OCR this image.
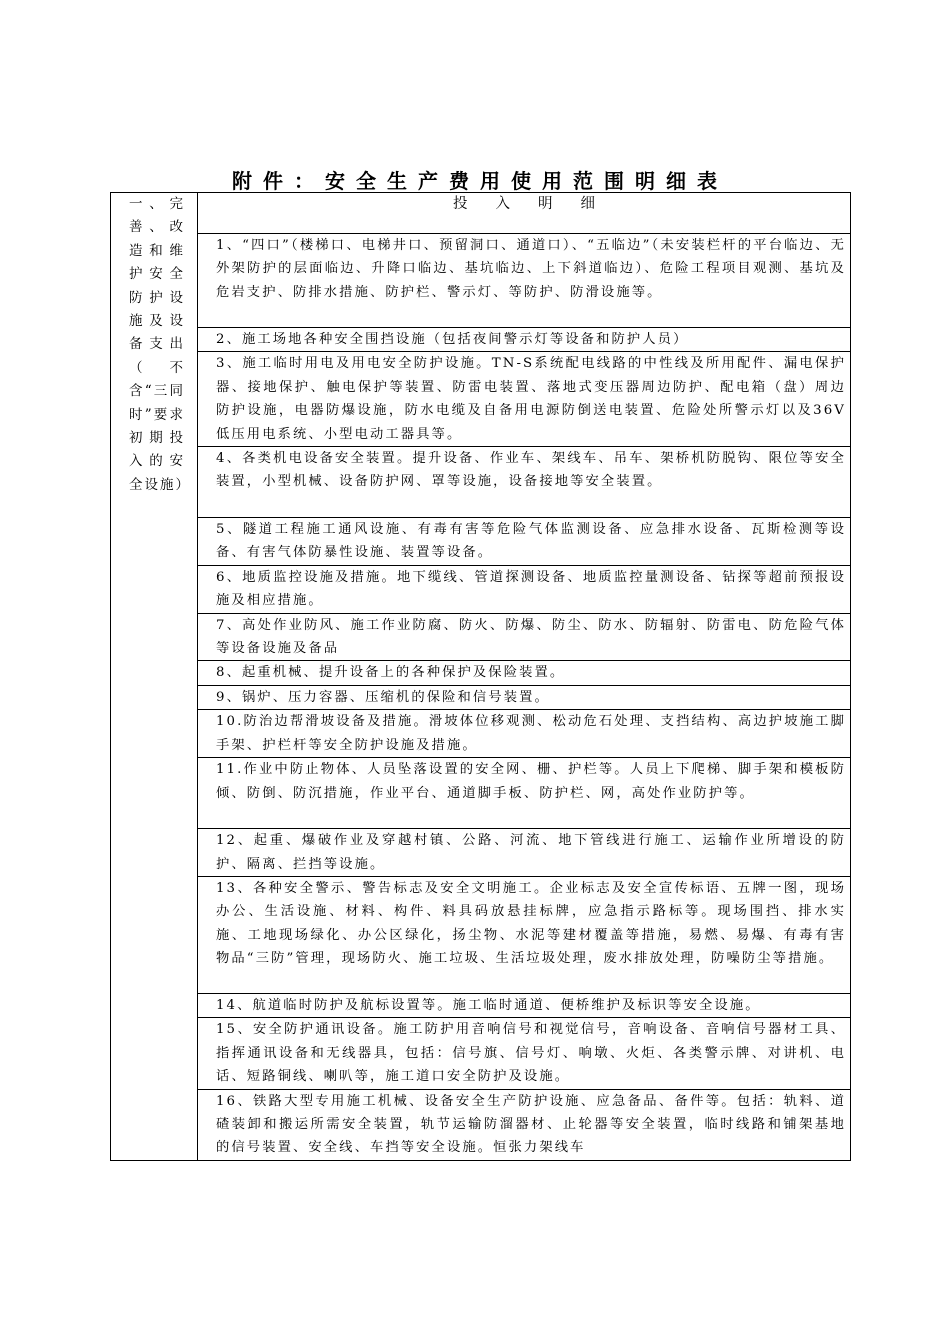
附件：安全生产费用使用范围明细表
一、完善、改造和维护安全防护设施及设备支出（不含“三同时”要求初期投入的安全设施）	投入明细
1、“四口”（楼梯口、电梯井口、预留洞口、通道口）、“五临边”（未安装栏杆的平台临边、无外架防护的层面临边、升降口临边、基坑临边、上下斜道临边）、危险工程项目观测、基坑及危岩支护、防排水措施、防护栏、警示灯、等防护、防滑设施等。
2、施工场地各种安全围挡设施（包括夜间警示灯等设备和防护人员）
3、施工临时用电及用电安全防护设施。TN-S系统配电线路的中性线及所用配件、漏电保护器、接地保护、触电保护等装置、防雷电装置、落地式变压器周边防护、配电箱（盘）周边防护设施，电器防爆设施，防水电缆及自备用电源防倒送电装置、危险处所警示灯以及36V 低压用电系统、小型电动工器具等。
4、各类机电设备安全装置。提升设备、作业车、架线车、吊车、架桥机防脱钩、限位等安全装置，小型机械、设备防护网、罩等设施，设备接地等安全装置。
5、隧道工程施工通风设施、有毒有害等危险气体监测设备、应急排水设备、瓦斯检测等设备、有害气体防暴性设施、装置等设备。
6、地质监控设施及措施。地下缆线、管道探测设备、地质监控量测设备、钻探等超前预报设施及相应措施。
7、高处作业防风、施工作业防腐、防火、防爆、防尘、防水、防辐射、防雷电、防危险气体等设备设施及备品
8、起重机械、提升设备上的各种保护及保险装置。
9、锅炉、压力容器、压缩机的保险和信号装置。
10.防治边帮滑坡设备及措施。滑坡体位移观测、松动危石处理、支挡结构、高边护坡施工脚手架、护栏杆等安全防护设施及措施。
11.作业中防止物体、人员坠落设置的安全网、栅、护栏等。人员上下爬梯、脚手架和模板防倾、防倒、防沉措施，作业平台、通道脚手板、防护栏、网，高处作业防护等。
12、起重、爆破作业及穿越村镇、公路、河流、地下管线进行施工、运输作业所增设的防护、隔离、拦挡等设施。
13、各种安全警示、警告标志及安全文明施工。企业标志及安全宣传标语、五牌一图，现场办公、生活设施、材料、构件、料具码放悬挂标牌，应急指示路标等。现场围挡、排水实施、工地现场绿化、办公区绿化，扬尘物、水泥等建材覆盖等措施，易燃、易爆、有毒有害物品“三防”管理，现场防火、施工垃圾、生活垃圾处理，废水排放处理，防噪防尘等措施。
14、航道临时防护及航标设置等。施工临时通道、便桥维护及标识等安全设施。
15、安全防护通讯设备。施工防护用音响信号和视觉信号，音响设备、音响信号器材工具、指挥通讯设备和无线器具，包括：信号旗、信号灯、响墩、火炬、各类警示牌、对讲机、电话、短路铜线、喇叭等，施工道口安全防护及设施。
16、铁路大型专用施工机械、设备安全生产防护设施、应急备品、备件等。包括：轨料、道碴装卸和搬运所需安全装置，轨节运输防溜器材、止轮器等安全装置，临时线路和铺架基地的信号装置、安全线、车挡等安全设施。恒张力架线车
